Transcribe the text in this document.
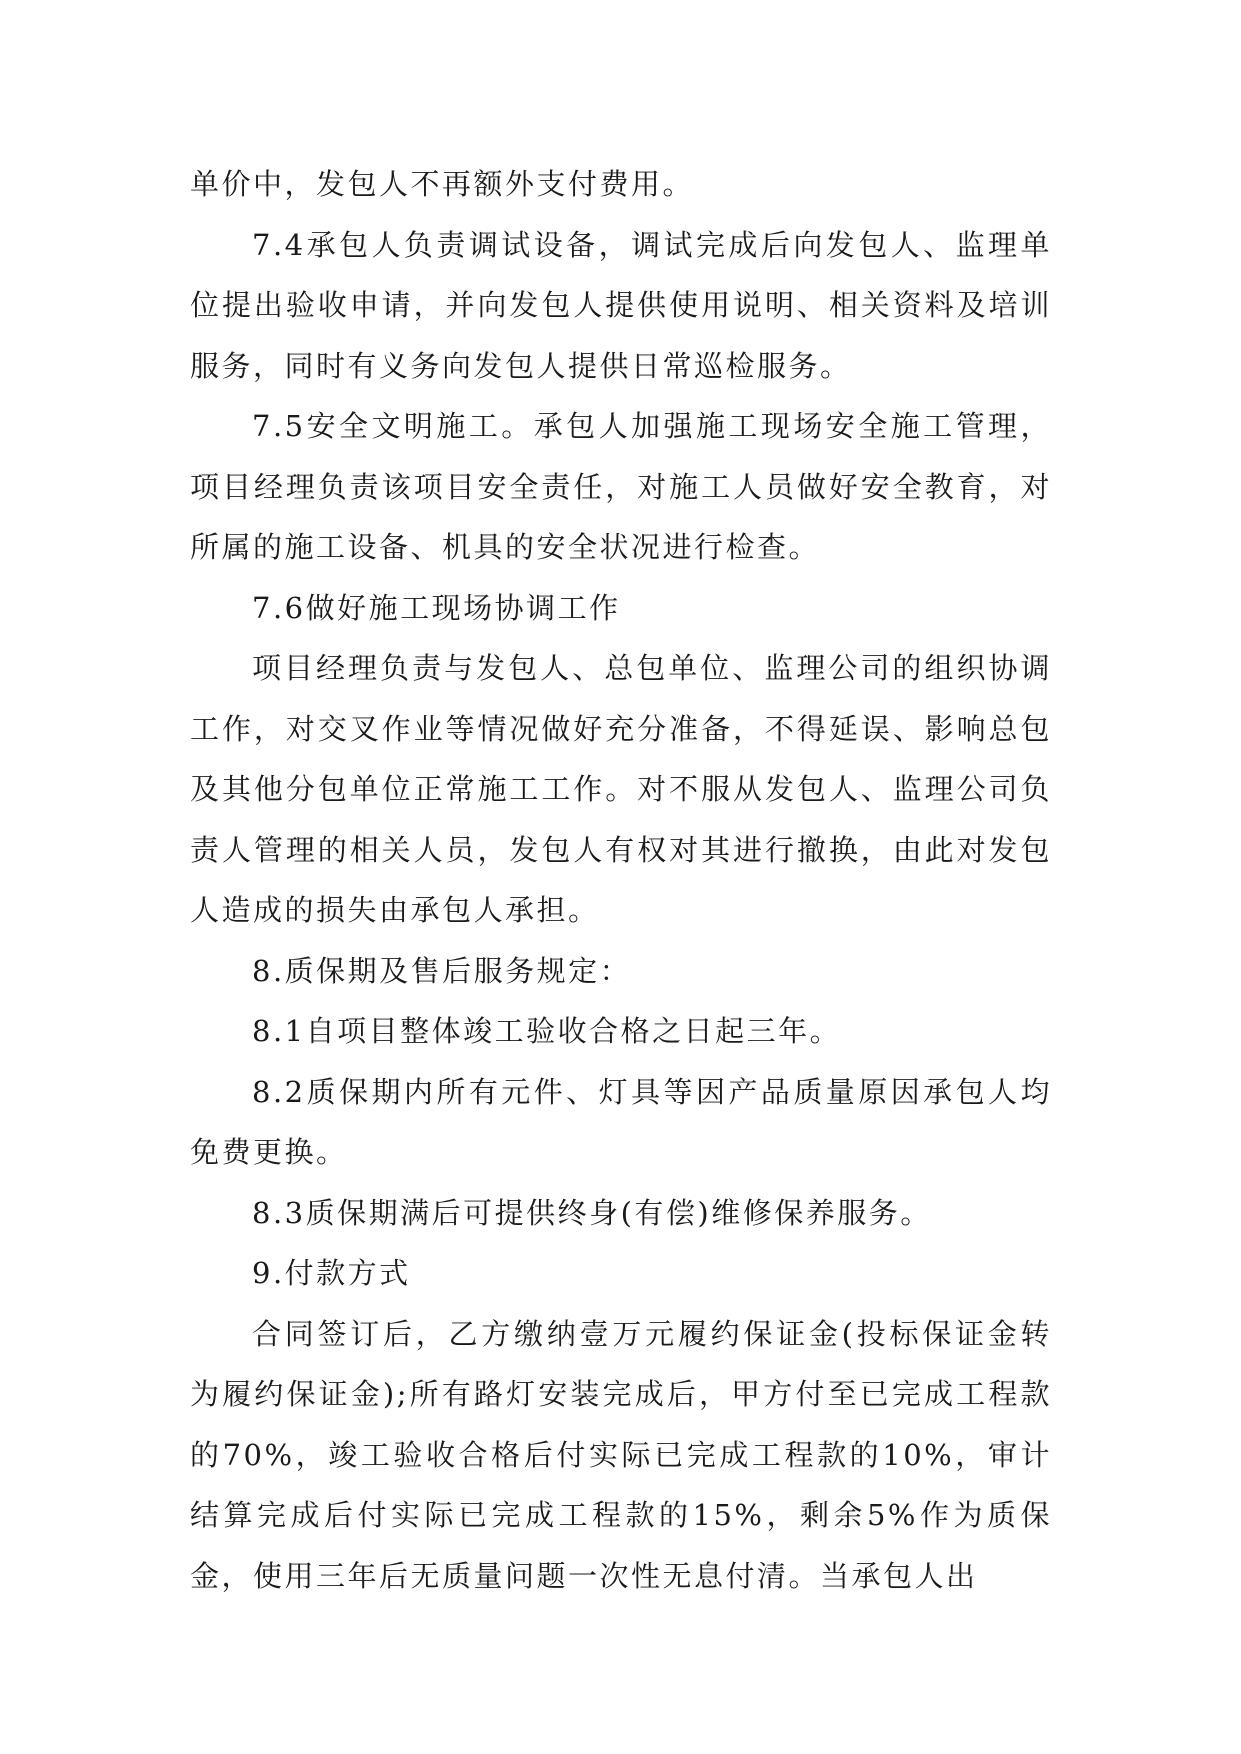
单价中，发包人不再额外支付费用。

7.4承包人负责调试设备，调试完成后向发包人、监理单位提出验收申请，并向发包人提供使用说明、相关资料及培训服务，同时有义务向发包人提供日常巡检服务。

7.5安全文明施工。承包人加强施工现场安全施工管理，项目经理负责该项目安全责任，对施工人员做好安全教育，对所属的施工设备、机具的安全状况进行检查。

7.6做好施工现场协调工作

项目经理负责与发包人、总包单位、监理公司的组织协调工作，对交叉作业等情况做好充分准备，不得延误、影响总包及其他分包单位正常施工工作。对不服从发包人、监理公司负责人管理的相关人员，发包人有权对其进行撤换，由此对发包人造成的损失由承包人承担。

8.质保期及售后服务规定：

8.1自项目整体竣工验收合格之日起三年。

8.2质保期内所有元件、灯具等因产品质量原因承包人均免费更换。

8.3质保期满后可提供终身(有偿)维修保养服务。

9.付款方式

合同签订后，乙方缴纳壹万元履约保证金(投标保证金转为履约保证金);所有路灯安装完成后，甲方付至已完成工程款的70%，竣工验收合格后付实际已完成工程款的10%，审计结算完成后付实际已完成工程款的15%，剩余5%作为质保金，使用三年后无质量问题一次性无息付清。当承包人出
